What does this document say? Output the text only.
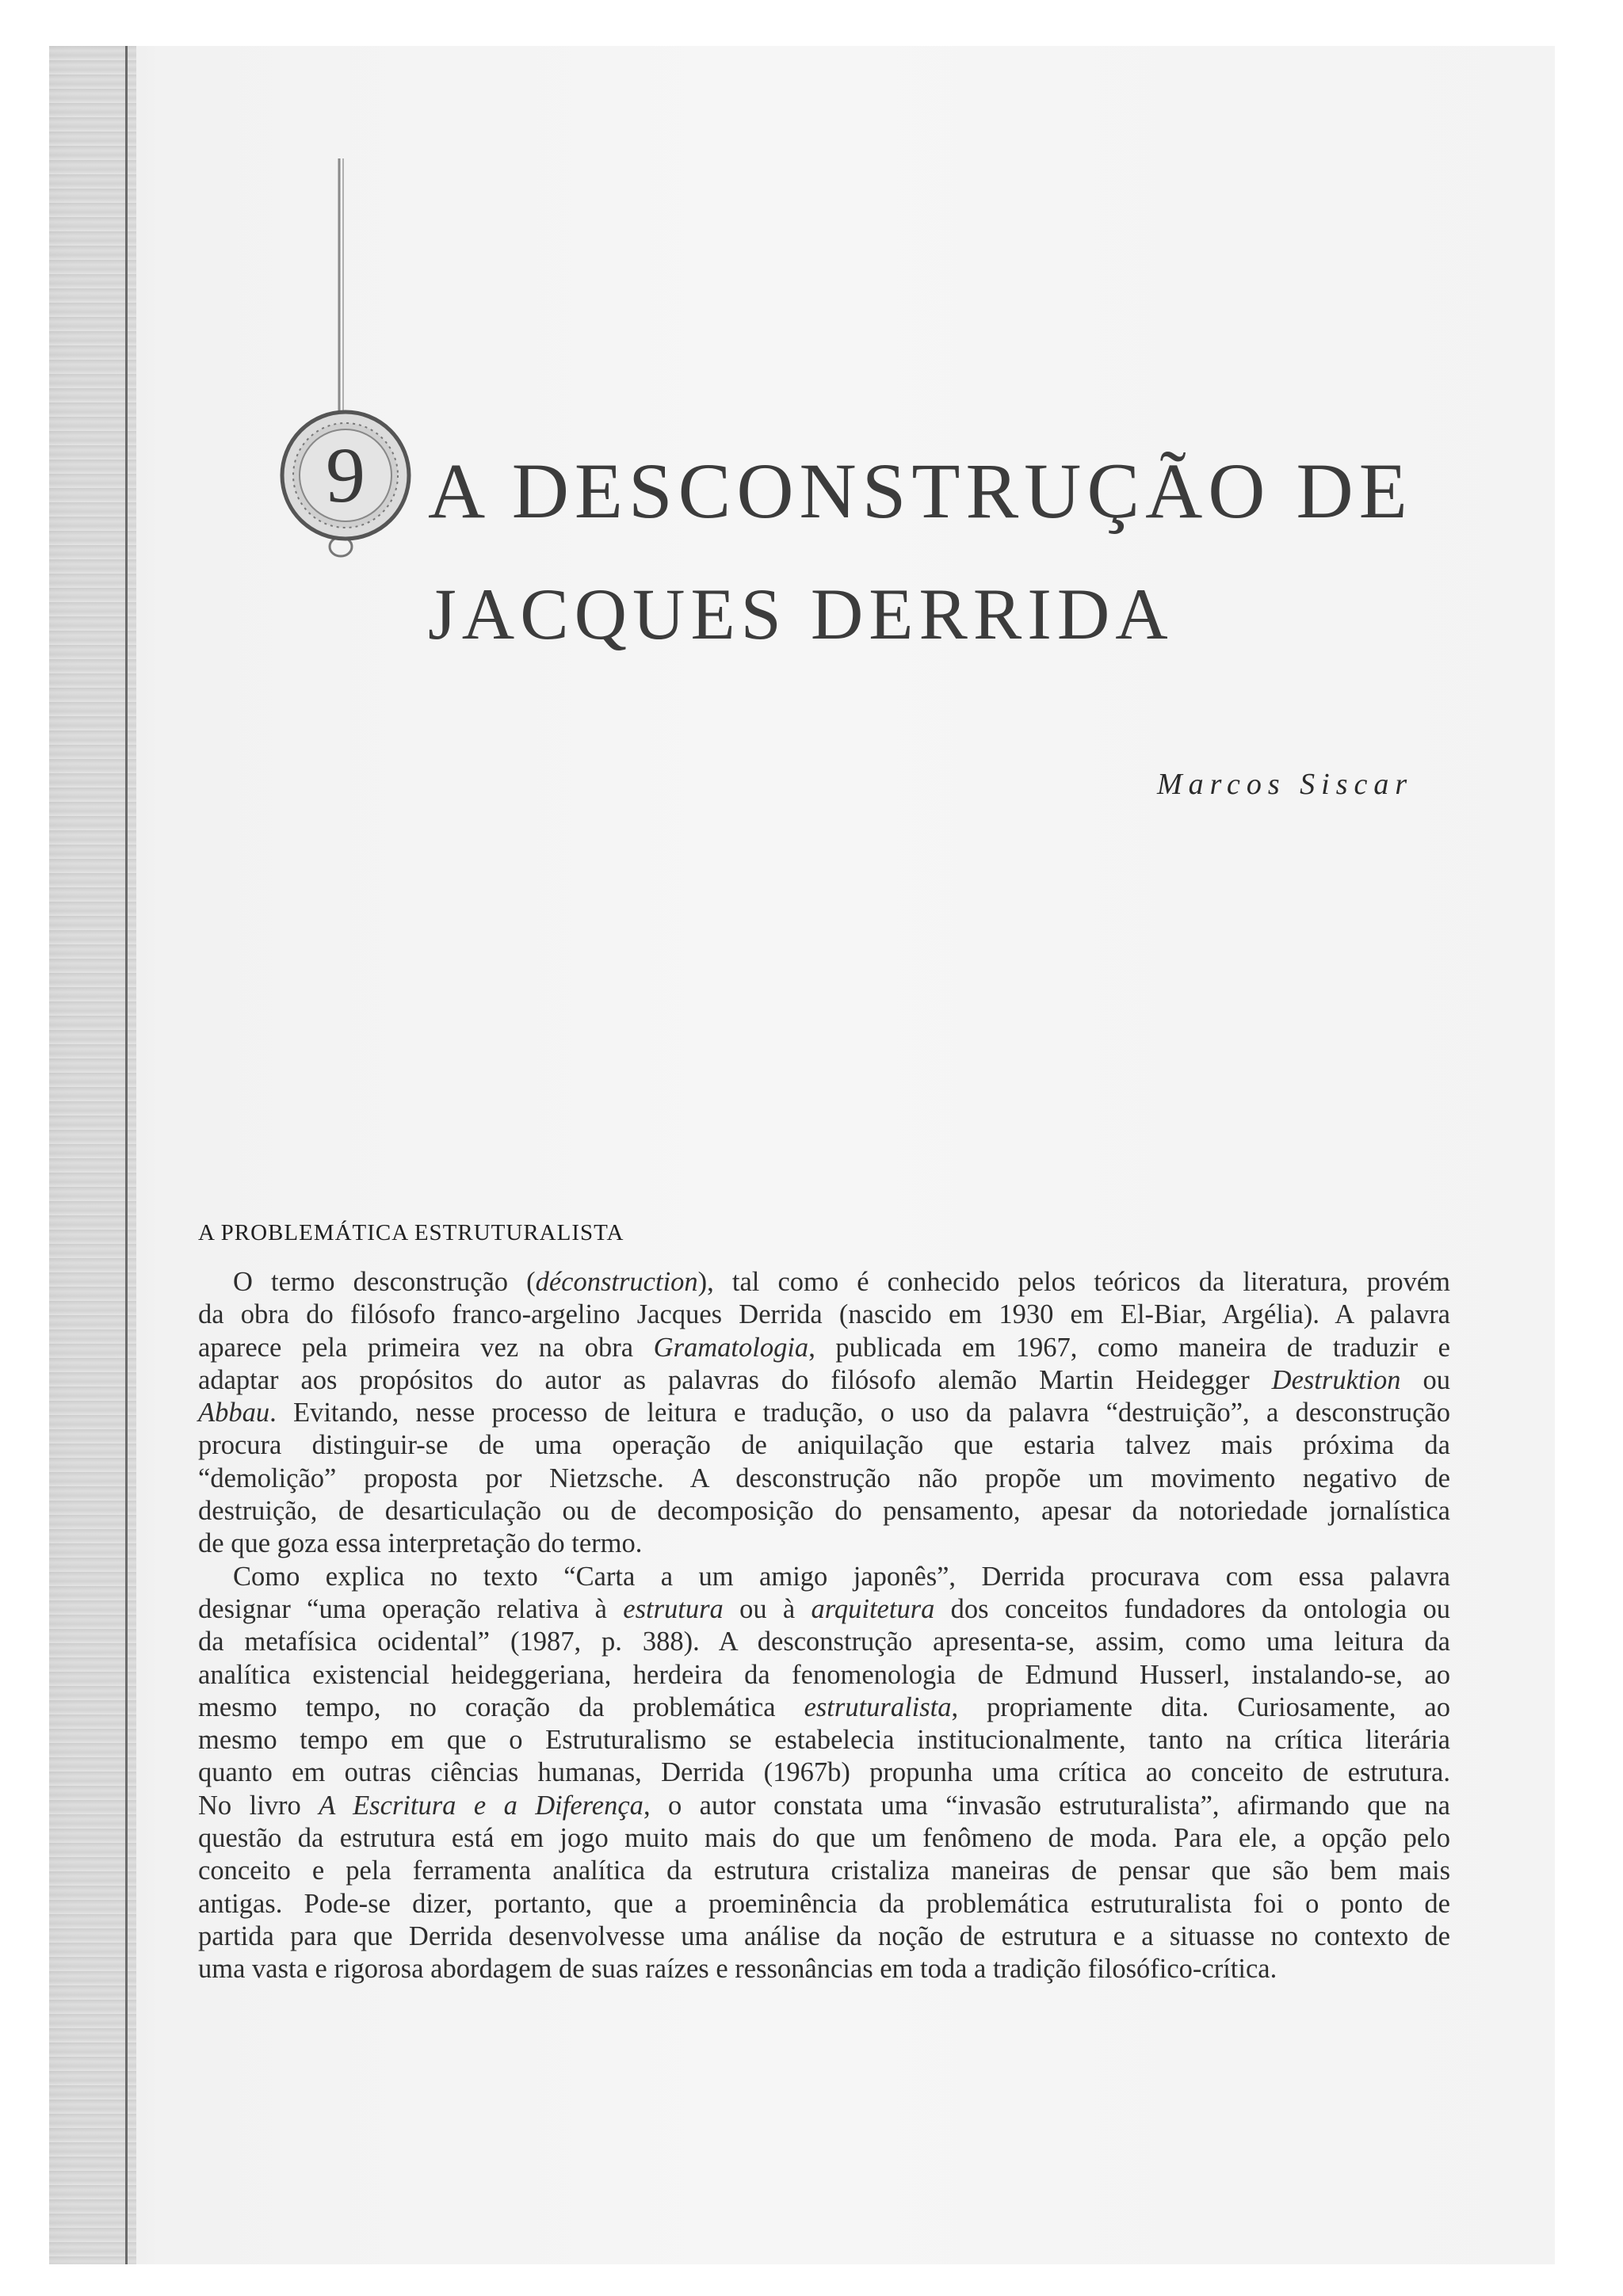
9 A DESCONSTRUÇÃO DE
JACQUES DERRIDA
Marcos Siscar
A PROBLEMÁTICA ESTRUTURALISTA
O termo desconstrução (déconstruction), tal como é conhecido pelos teóricos da literatura, provém
da obra do filósofo franco-argelino Jacques Derrida (nascido em 1930 em El-Biar, Argélia). A palavra
aparece pela primeira vez na obra Gramatologia, publicada em 1967, como maneira de traduzir e
adaptar aos propósitos do autor as palavras do filósofo alemão Martin Heidegger Destruktion ou
Abbau. Evitando, nesse processo de leitura e tradução, o uso da palavra “destruição”, a desconstrução
procura distinguir-se de uma operação de aniquilação que estaria talvez mais próxima da
“demolição” proposta por Nietzsche. A desconstrução não propõe um movimento negativo de
destruição, de desarticulação ou de decomposição do pensamento, apesar da notoriedade jornalística
de que goza essa interpretação do termo.
Como explica no texto “Carta a um amigo japonês”, Derrida procurava com essa palavra
designar “uma operação relativa à estrutura ou à arquitetura dos conceitos fundadores da ontologia ou
da metafísica ocidental” (1987, p. 388). A desconstrução apresenta-se, assim, como uma leitura da
analítica existencial heideggeriana, herdeira da fenomenologia de Edmund Husserl, instalando-se, ao
mesmo tempo, no coração da problemática estruturalista, propriamente dita. Curiosamente, ao
mesmo tempo em que o Estruturalismo se estabelecia institucionalmente, tanto na crítica literária
quanto em outras ciências humanas, Derrida (1967b) propunha uma crítica ao conceito de estrutura.
No livro A Escritura e a Diferença, o autor constata uma “invasão estruturalista”, afirmando que na
questão da estrutura está em jogo muito mais do que um fenômeno de moda. Para ele, a opção pelo
conceito e pela ferramenta analítica da estrutura cristaliza maneiras de pensar que são bem mais
antigas. Pode-se dizer, portanto, que a proeminência da problemática estruturalista foi o ponto de
partida para que Derrida desenvolvesse uma análise da noção de estrutura e a situasse no contexto de
uma vasta e rigorosa abordagem de suas raízes e ressonâncias em toda a tradição filosófico-crítica.
